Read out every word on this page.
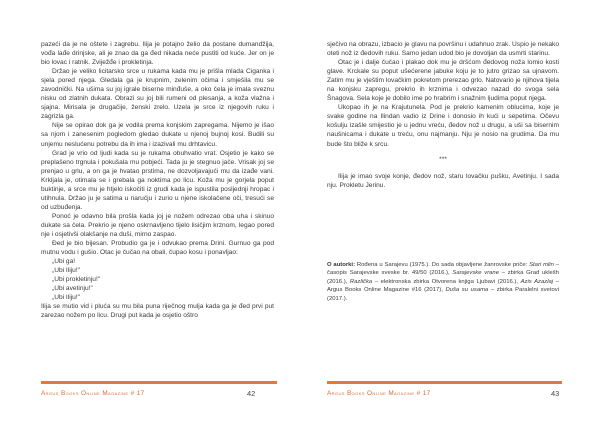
pazeći da je ne oštete i zagrebu. Ilija je potajno želio da postane dumandžija, vođa lađe drinjske, ali je znao da ga đed nikada neće pustiti od kuće. Jer on je bio lovac i ratnik. Zviježđe i prokletinja.

Držao je veliko licitarsko srce u rukama kada mu je prišla mlada Ciganka i sjela pored njega. Gledala ga je krupnim, zelenim očima i smješila mu se zavodnički. Na ušima su joj igrale biserne minđuše, a oko čela je imala sveznu nisku od zlatnih dukata. Obrazi su joj bili rumeni od plesanja, a koža vlažna i sjajna. Mirisala je drugačije, ženski zrelo. Uzela je srce iz njegovih ruku i zagrizla ga.

Nije se opirao dok ga je vodila prema konjskim zapregama. Nijemo je išao sa njom i zanesenim pogledom gledao dukate u njenoj bujnoj kosi. Budili su unjemu neslućenu potrebu da ih ima i izazivali mu drhtavicu.

Grad je vrio od ljudi kada su je rukama obuhvatio vrat. Osjetio je kako se preplašeno trgnula i pokušala mu pobjeći. Tada ju je stegnuo jače. Vrisak joj se prenjao u grlu, a on ga je hvatao prstima, ne dozvoljavajući mu da izađe vani. Krkljala je, otimala se i grebala ga noktima po licu. Koža mu je gorjela poput buktinje, a srce mu je htjelo iskočiti iz grudi kada je ispustila posljednji hropac i utihnula. Držao ju je satima u naručju i zurio u njene iskolačene oči, tresući se od uzbuđenja.

Ponoć je odavno bila prošla kada joj je nožem odrezao oba uha i skinuo dukate sa čela. Prekrio je njeno oskrnavljeno tijelo lisičjim krznom, legao pored nje i osjetivši olakšanje na duši, mirno zaspao.

Đed je bio bijesan. Probudio ga je i odvukao prema Drini. Gurnuo ga pod mutnu vodu i gušio. Otac je čučao na obali, čupao kosu i ponavljao:

„Ubi ga!

„Ubi Iliju!"

„Ubi prokletinju!"

„Ubi avetinju!"

„Ubi Iliju!"

Ilija se mutio vid i pluća su mu bila puna riječnog mulja kada ga je đed prvi put zarezao nožem po licu. Drugi put kada je osjetio oštro

Argus Books Online Magazine # 17	42

sječivo na obrazu, izbacio je glavu na površinu i udahnuo zrak. Uspio je nekako oteti nož iz đedovih ruku. Samo jedan udod bio je dovoljan da usmrti starinu.

Otac je i dalje čučao i plakao dok mu je dršćom đedovog noža lomio kosti glave. Krckale su poput ušećerene jabuke koju je to jutro grizao sa ujnavom. Zatim mu je vještim lovačkim pokretom prerezao grlo. Natovario je njihova tijela na konjsku zapregu, prekrio ih krznima i odvezao nazad do svoga sela Šnagova. Sela koje je dobilo ime po hrabrim i snažnim ljudima poput njega.

Ukopao ih je na Krajutunela. Pod je prekrio kamenim oblucima, koje je svake godine na Ilindan vadio iz Drine i donosio ih kući u sepetima. Očevu košulju izašle smijestio je u jednu vreću, đedov nož u drugu, a uši sa bisernim naušnicama i dukate u treću, onu najmanju. Nju je nosio na grudima. Da mu bude što bliže k srcu.

***

Ilija je imao svoje konje, đedov nož, staru lovačku pušku, Avetinju. I sada nju. Prokletu Jerinu.

O autorki: Rođena u Sarajevu (1975.). Do sada objavljene žanrovske priče: Stari mlin – časopis Sarajevske sveske br. 49/50 (2016.), Sarajevske vrane – zbirka Grad uklešh (2016.), Različka – elektronska zbirka Otvorena knjiga Ljubavi (2016.), Azis Azazlaj – Argus Books Online Magazine #16 (2017), Duša su usama – zbirka Paralelni svetovi (2017.).
Argus Books Online Magazine # 17	43
